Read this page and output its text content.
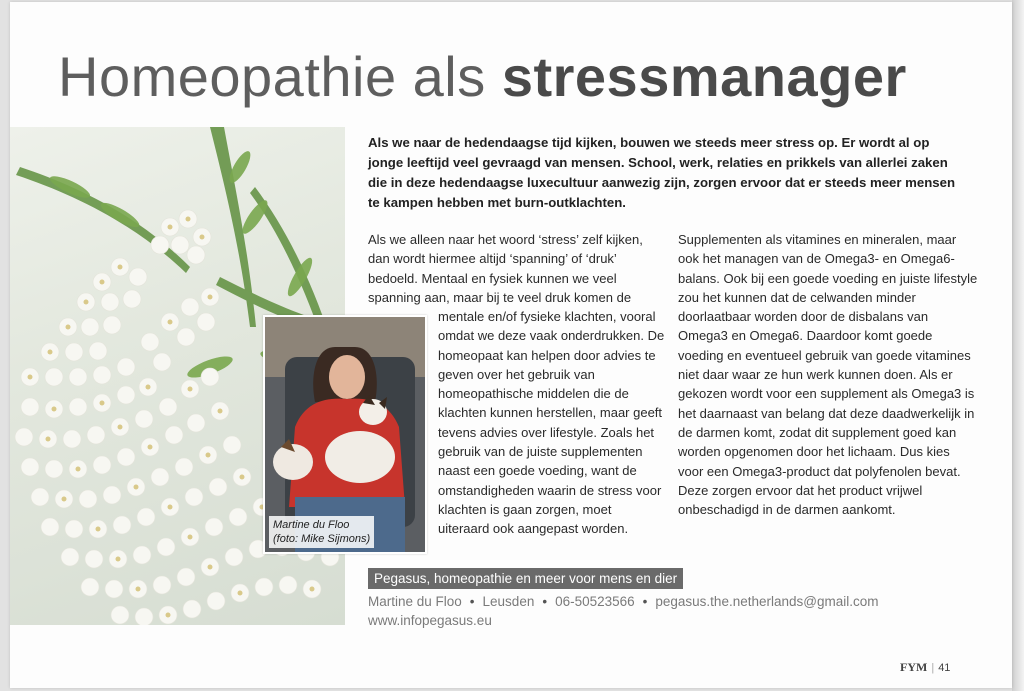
Homeopathie als stressmanager
Martine du Floo
(foto: Mike Sijmons)

Als we naar de hedendaagse tijd kijken, bouwen we steeds meer stress op. Er wordt al op jonge leeftijd veel gevraagd van mensen. School, werk, relaties en prikkels van allerlei zaken die in deze hedendaagse luxecultuur aanwezig zijn, zorgen ervoor dat er steeds meer mensen te kampen hebben met burn-outklachten.

Als we alleen naar het woord ‘stress’ zelf kijken, dan wordt hiermee altijd ‘spanning’ of ‘druk’ bedoeld. Mentaal en fysiek kunnen we veel spanning aan, maar bij te veel druk komen de

mentale en/of fysieke klachten, vooral omdat we deze vaak onderdrukken. De homeopaat kan helpen door advies te geven over het gebruik van homeopathische middelen die de klachten kunnen herstellen, maar geeft tevens advies over lifestyle. Zoals het gebruik van de juiste supplementen naast een goede voeding, want de omstandigheden waarin de stress voor klachten is gaan zorgen, moet uiteraard ook aangepast worden.

Supplementen als vitamines en mineralen, maar ook het managen van de Omega3- en Omega6-balans. Ook bij een goede voeding en juiste lifestyle zou het kunnen dat de celwanden minder doorlaatbaar worden door de disbalans van Omega3 en Omega6. Daardoor komt goede voeding en eventueel gebruik van goede vitamines niet daar waar ze hun werk kunnen doen. Als er gekozen wordt voor een supplement als Omega3 is het daarnaast van belang dat deze daadwerkelijk in de darmen komt, zodat dit supplement goed kan worden opgenomen door het lichaam. Dus kies voor een Omega3-product dat polyfenolen bevat. Deze zorgen ervoor dat het product vrijwel onbeschadigd in de darmen aankomt.

Pegasus, homeopathie en meer voor mens en dier
Martine du Floo • Leusden • 06-50523566 • pegasus.the.netherlands@gmail.com
www.infopegasus.eu
FYM | 41
